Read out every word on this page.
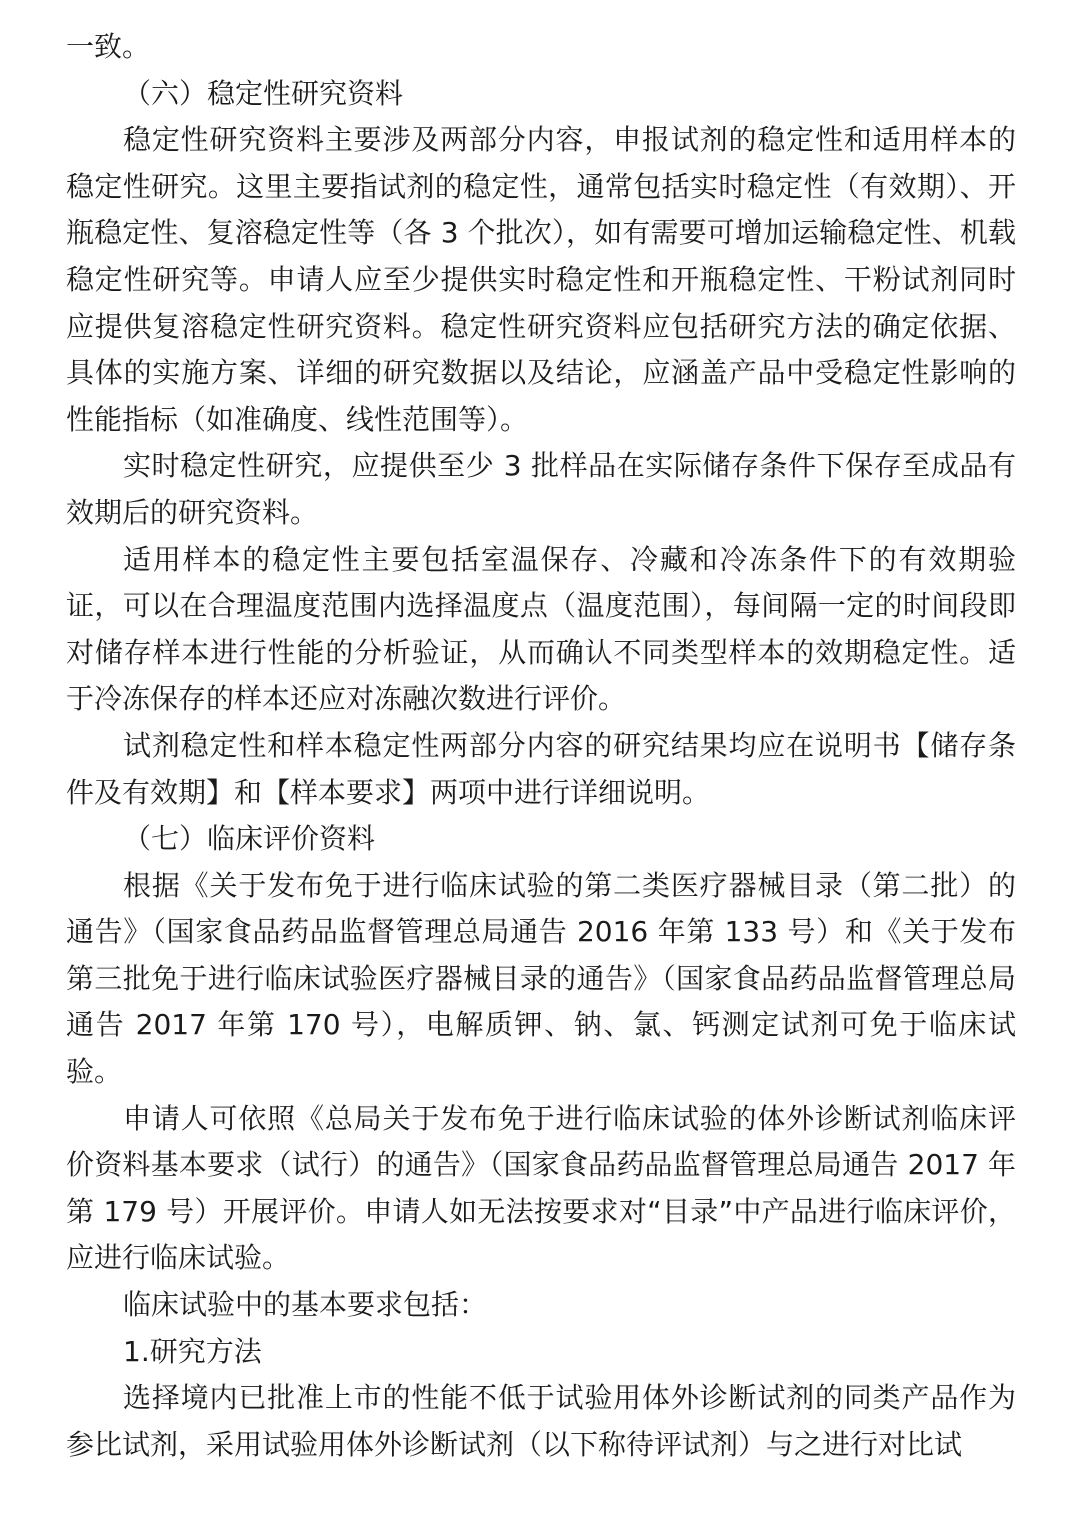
一致。

（六）稳定性研究资料

稳定性研究资料主要涉及两部分内容，申报试剂的稳定性和适用样本的稳定性研究。这里主要指试剂的稳定性，通常包括实时稳定性（有效期）、开瓶稳定性、复溶稳定性等（各 3 个批次），如有需要可增加运输稳定性、机载稳定性研究等。申请人应至少提供实时稳定性和开瓶稳定性、干粉试剂同时应提供复溶稳定性研究资料。稳定性研究资料应包括研究方法的确定依据、具体的实施方案、详细的研究数据以及结论，应涵盖产品中受稳定性影响的性能指标（如准确度、线性范围等）。

实时稳定性研究，应提供至少 3 批样品在实际储存条件下保存至成品有效期后的研究资料。

适用样本的稳定性主要包括室温保存、冷藏和冷冻条件下的有效期验证，可以在合理温度范围内选择温度点（温度范围），每间隔一定的时间段即对储存样本进行性能的分析验证，从而确认不同类型样本的效期稳定性。适于冷冻保存的样本还应对冻融次数进行评价。

试剂稳定性和样本稳定性两部分内容的研究结果均应在说明书【储存条件及有效期】和【样本要求】两项中进行详细说明。

（七）临床评价资料

根据《关于发布免于进行临床试验的第二类医疗器械目录（第二批）的通告》（国家食品药品监督管理总局通告 2016 年第 133 号）和《关于发布第三批免于进行临床试验医疗器械目录的通告》（国家食品药品监督管理总局通告 2017 年第 170 号），电解质钾、钠、氯、钙测定试剂可免于临床试验。

申请人可依照《总局关于发布免于进行临床试验的体外诊断试剂临床评价资料基本要求（试行）的通告》（国家食品药品监督管理总局通告 2017 年第 179 号）开展评价。申请人如无法按要求对“目录”中产品进行临床评价，应进行临床试验。

临床试验中的基本要求包括：

1.研究方法

选择境内已批准上市的性能不低于试验用体外诊断试剂的同类产品作为参比试剂，采用试验用体外诊断试剂（以下称待评试剂）与之进行对比试
